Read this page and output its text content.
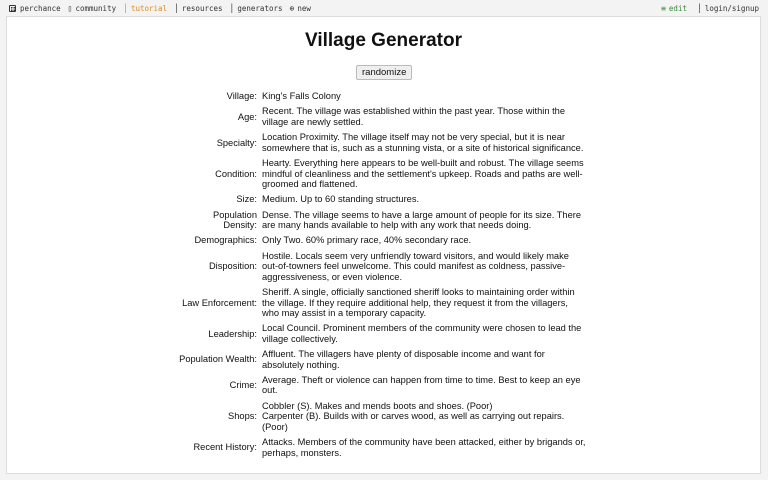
perchance ▯ community │ tutorial │ resources │ generators ⊕ new	≡ edit │ login/signup
Village Generator
randomize
Village:	King's Falls Colony
Age:	Recent. The village was established within the past year. Those within the village are newly settled.
Specialty:	Location Proximity. The village itself may not be very special, but it is near somewhere that is, such as a stunning vista, or a site of historical significance.
Condition:	Hearty. Everything here appears to be well-built and robust. The village seems mindful of cleanliness and the settlement's upkeep. Roads and paths are well-groomed and flattened.
Size:	Medium. Up to 60 standing structures.
Population Density:	Dense. The village seems to have a large amount of people for its size. There are many hands available to help with any work that needs doing.
Demographics:	Only Two. 60% primary race, 40% secondary race.
Disposition:	Hostile. Locals seem very unfriendly toward visitors, and would likely make out-of-towners feel unwelcome. This could manifest as coldness, passive-aggressiveness, or even violence.
Law Enforcement:	Sheriff. A single, officially sanctioned sheriff looks to maintaining order within the village. If they require additional help, they request it from the villagers, who may assist in a temporary capacity.
Leadership:	Local Council. Prominent members of the community were chosen to lead the village collectively.
Population Wealth:	Affluent. The villagers have plenty of disposable income and want for absolutely nothing.
Crime:	Average. Theft or violence can happen from time to time. Best to keep an eye out.
Shops:	Cobbler (S). Makes and mends boots and shoes. (Poor)
Carpenter (B). Builds with or carves wood, as well as carrying out repairs. (Poor)

Recent History:	Attacks. Members of the community have been attacked, either by brigands or, perhaps, monsters.
